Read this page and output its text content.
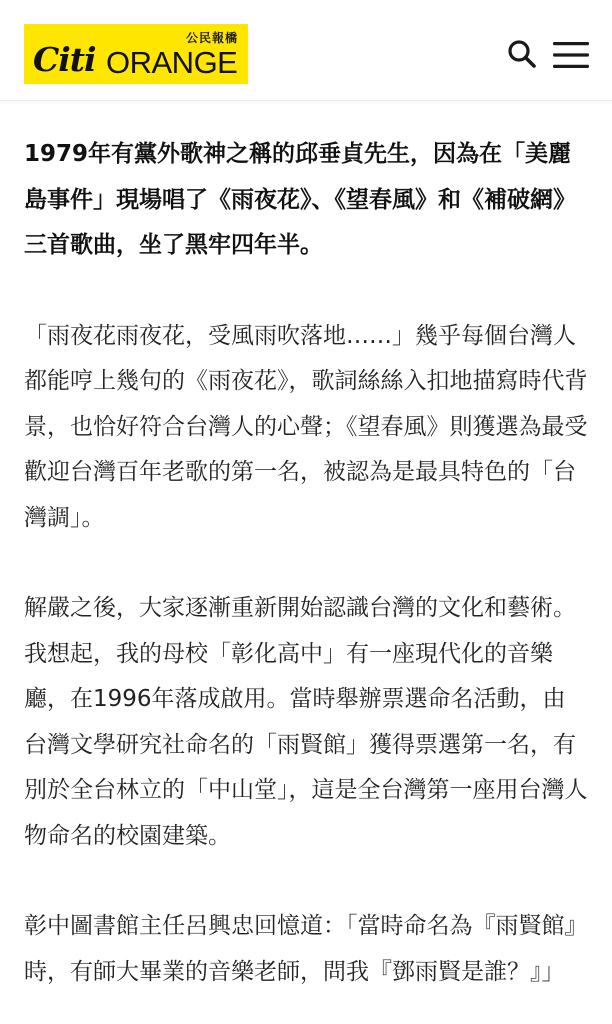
公民報橋
Citi ORANGE

1979年有黨外歌神之稱的邱垂貞先生，因為在「美麗島事件」現場唱了《雨夜花》、《望春風》和《補破網》三首歌曲，坐了黑牢四年半。

「雨夜花雨夜花，受風雨吹落地……」幾乎每個台灣人都能哼上幾句的《雨夜花》，歌詞絲絲入扣地描寫時代背景，也恰好符合台灣人的心聲；《望春風》則獲選為最受歡迎台灣百年老歌的第一名，被認為是最具特色的「台灣調」。

解嚴之後，大家逐漸重新開始認識台灣的文化和藝術。我想起，我的母校「彰化高中」有一座現代化的音樂廳，在1996年落成啟用。當時舉辦票選命名活動，由台灣文學研究社命名的「雨賢館」獲得票選第一名，有別於全台林立的「中山堂」，這是全台灣第一座用台灣人物命名的校園建築。

彰中圖書館主任呂興忠回憶道：「當時命名為『雨賢館』時，有師大畢業的音樂老師，問我『鄧雨賢是誰？』」
